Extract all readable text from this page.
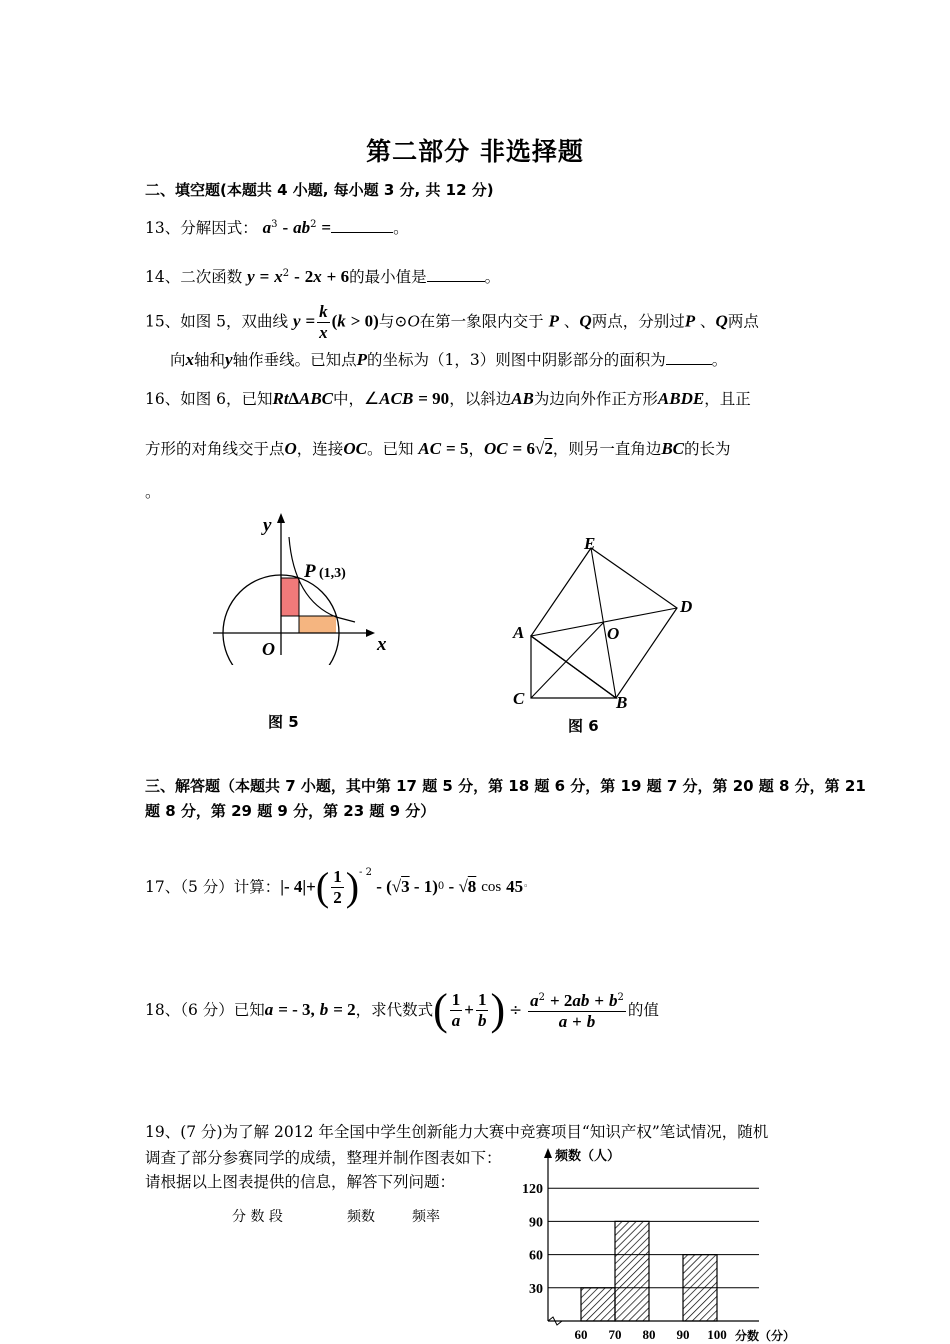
第二部分 非选择题
二、填空题(本题共 4 小题, 每小题 3 分, 共 12 分)
13、分解因式： $a^3 - ab^2$ =	。
14、二次函数 $y = x^2 - 2x + 6$的最小值是	。
15、如图 5，双曲线 $y = \frac{k}{x} (k > 0)$与⊙O在第一象限内交于 P 、Q两点，分别过P 、Q两点
向x轴和y轴作垂线。已知点P的坐标为（1，3）则图中阴影部分的面积为	。
16、如图 6，已知Rt∆ABC中，∠ACB = 90，以斜边AB为边向外作正方形ABDE，且正
方形的对角线交于点O，连接OC。已知 AC = 5，OC = 6√2，则另一直角边BC的长为
。
y
x
O
P (1,3)
图 5
E
D
A	O
C	B
图 6
三、解答题（本题共 7 小题，其中第 17 题 5 分，第 18 题 6 分，第 19 题 7 分，第 20 题 8 分，第 21
题 8 分，第 29 题 9 分，第 23 题 9 分）
17、（5 分）计算： |- 4|+ ( $\frac{1}{2} )^{- 2}$
- (√3 - 1) 0 - √8
cos
45 ◦
18、（6 分）已知 a
= - 3,
b
= 2 ，求代数式 ( $\frac{1}{a} + \frac{1}{b}$ ) ÷ $\frac{a^2 + 2ab + b^2}{a + b}$ 的值
19、(7 分)为了解 2012 年全国中学生创新能力大赛中竞赛项目“知识产权”笔试情况，随机
调查了部分参赛同学的成绩，整理并制作图表如下：
请根据以上图表提供的信息，解答下列问题：
分 数 段	频数	频率
30
60
90
120
60 70 80 90 100
频数（人）
分数（分）
